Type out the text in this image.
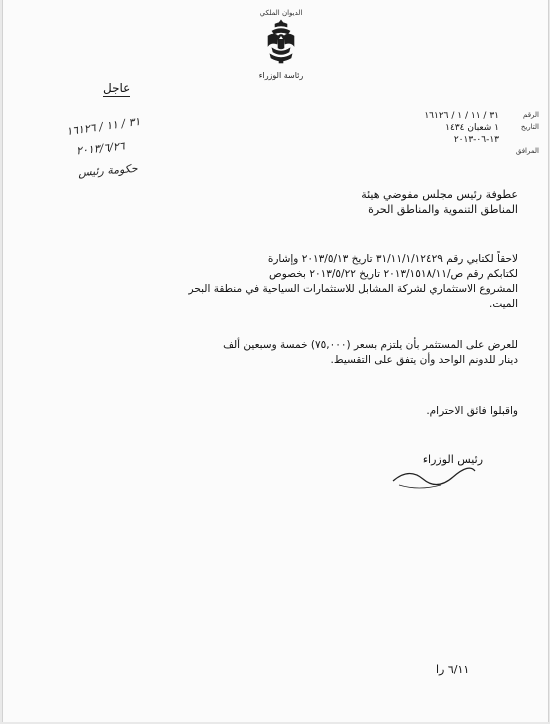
الديوان الملكي
رئاسة الوزراء
عاجل
الرقم
٣١ / ١١ / ١ / ١٦١٢٦
التاريخ
١ شعبان ١٤٣٤
١٣-٠٦-٢٠١٣
المرافق
٣١ / ١١ / ١٦١٢٦
٢٠١٣/٦/٢٦
حكومة رئيس
عطوفة رئيس مجلس مفوضي هيئة
المناطق التنموية والمناطق الحرة
لاحقاً لكتابي رقم ٣١/١١/١/١٢٤٢٩ تاريخ ٢٠١٣/٥/١٣ وإشارة
لكتابكم رقم ص/٢٠١٣/١٥١٨/١١ تاريخ ٢٠١٣/٥/٢٢ بخصوص
المشروع الاستثماري لشركة المشابل للاستثمارات السياحية في منطقة البحر
الميت.
للعرض على المستثمر بأن يلتزم بسعر (٧٥,٠٠٠) خمسة وسبعين ألف
دينار للدونم الواحد وأن يتفق على التقسيط.
واقبلوا فائق الاحترام.
رئيس الوزراء
٦/١١ را
